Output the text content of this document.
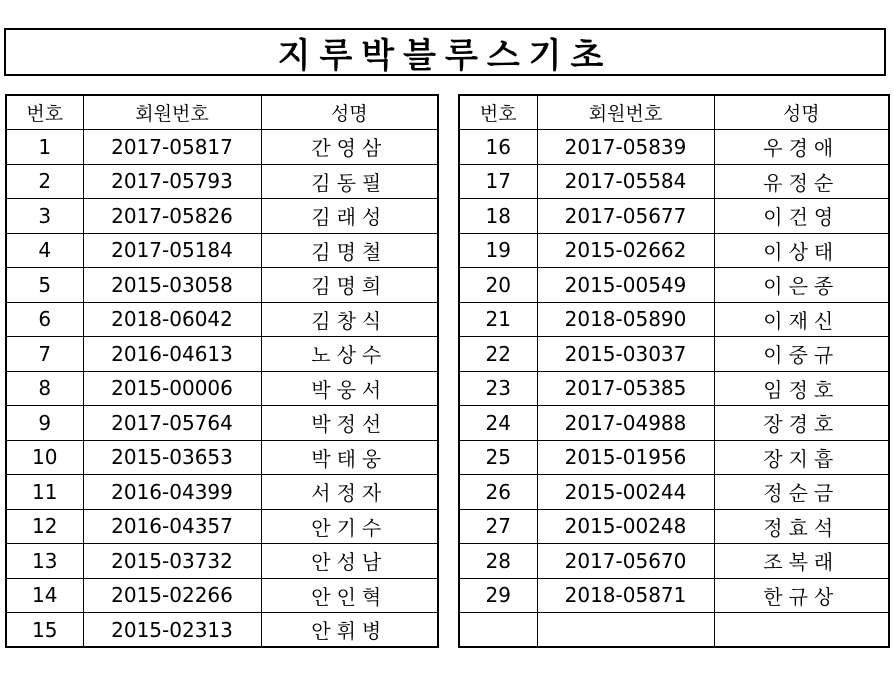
지루박블루스기초
번호	회원번호	성명
1	2017-05817	간영삼
2	2017-05793	김동필
3	2017-05826	김래성
4	2017-05184	김명철
5	2015-03058	김명희
6	2018-06042	김창식
7	2016-04613	노상수
8	2015-00006	박웅서
9	2017-05764	박정선
10	2015-03653	박태웅
11	2016-04399	서정자
12	2016-04357	안기수
13	2015-03732	안성남
14	2015-02266	안인혁
15	2015-02313	안휘병
번호	회원번호	성명
16	2017-05839	우경애
17	2017-05584	유정순
18	2017-05677	이건영
19	2015-02662	이상태
20	2015-00549	이은종
21	2018-05890	이재신
22	2015-03037	이중규
23	2017-05385	임정호
24	2017-04988	장경호
25	2015-01956	장지흡
26	2015-00244	정순금
27	2015-00248	정효석
28	2017-05670	조복래
29	2018-05871	한규상
